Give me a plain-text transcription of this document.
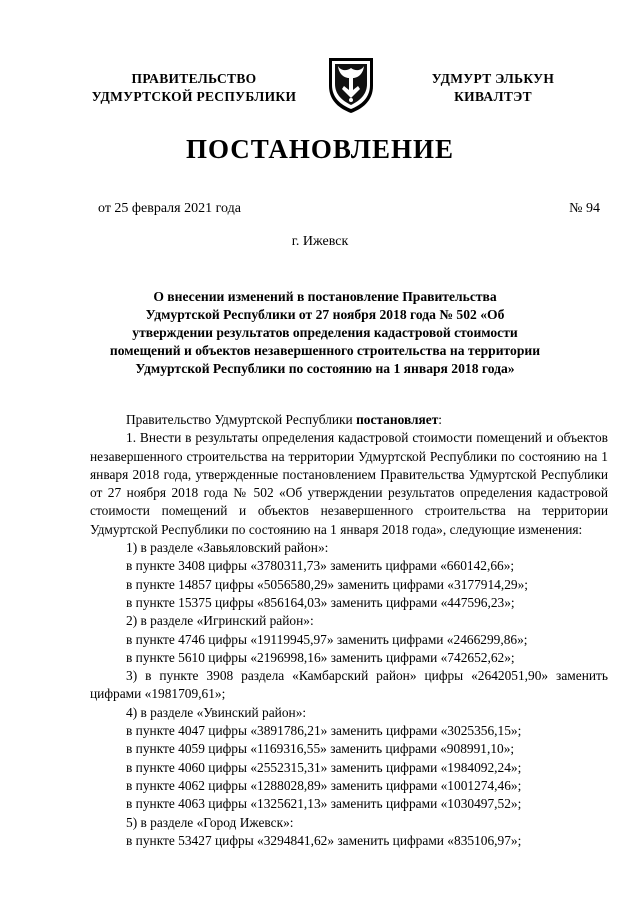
ПРАВИТЕЛЬСТВО
УДМУРТСКОЙ РЕСПУБЛИКИ
УДМУРТ ЭЛЬКУН
КИВАЛТЭТ
ПОСТАНОВЛЕНИЕ
от 25 февраля 2021 года	№ 94
г. Ижевск
О внесении изменений в постановление Правительства
Удмуртской Республики от 27 ноября 2018 года № 502 «Об
утверждении результатов определения кадастровой стоимости
помещений и объектов незавершенного строительства на территории
Удмуртской Республики по состоянию на 1 января 2018 года»

Правительство Удмуртской Республики постановляет:

1. Внести в результаты определения кадастровой стоимости помещений и объектов незавершенного строительства на территории Удмуртской Республики по состоянию на 1 января 2018 года, утвержденные постановлением Правительства Удмуртской Республики от 27 ноября 2018 года № 502 «Об утверждении результатов определения кадастровой стоимости помещений и объектов незавершенного строительства на территории Удмуртской Республики по состоянию на 1 января 2018 года», следующие изменения:

1) в разделе «Завьяловский район»:

в пункте 3408 цифры «3780311,73» заменить цифрами «660142,66»;

в пункте 14857 цифры «5056580,29» заменить цифрами «3177914,29»;

в пункте 15375 цифры «856164,03» заменить цифрами «447596,23»;

2) в разделе «Игринский район»:

в пункте 4746 цифры «19119945,97» заменить цифрами «2466299,86»;

в пункте 5610 цифры «2196998,16» заменить цифрами «742652,62»;

3) в пункте 3908 раздела «Камбарский район» цифры «2642051,90» заменить цифрами «1981709,61»;

4) в разделе «Увинский район»:

в пункте 4047 цифры «3891786,21» заменить цифрами «3025356,15»;

в пункте 4059 цифры «1169316,55» заменить цифрами «908991,10»;

в пункте 4060 цифры «2552315,31» заменить цифрами «1984092,24»;

в пункте 4062 цифры «1288028,89» заменить цифрами «1001274,46»;

в пункте 4063 цифры «1325621,13» заменить цифрами «1030497,52»;

5) в разделе «Город Ижевск»:

в пункте 53427 цифры «3294841,62» заменить цифрами «835106,97»;
